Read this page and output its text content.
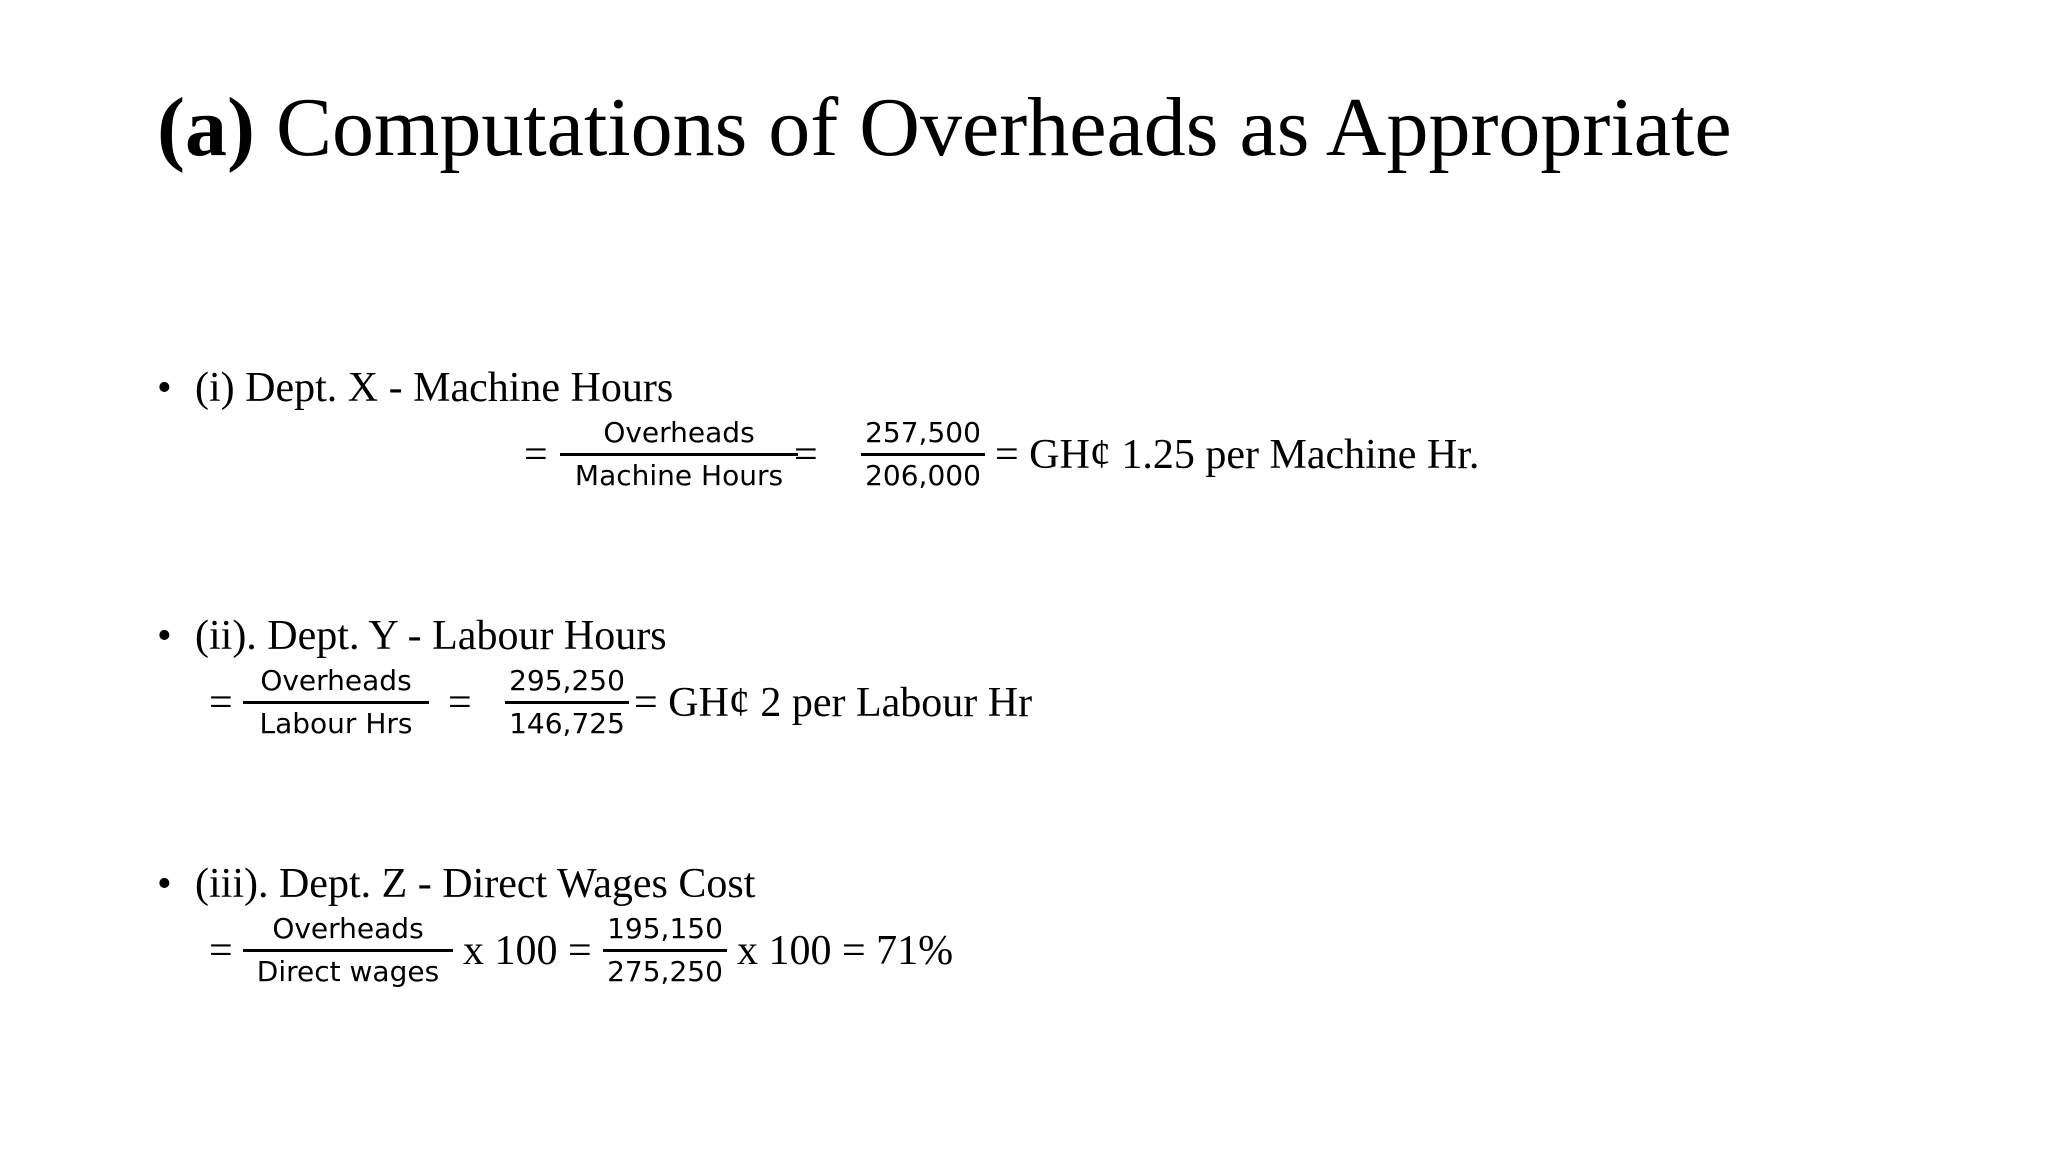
(a) Computations of Overheads as Appropriate
• (i) Dept. X - Machine Hours
= Overheads
Machine Hours = 257,500
206,000 = GH¢ 1.25 per Machine Hr.
• (ii). Dept. Y - Labour Hours
= Overheads
Labour Hrs = 295,250
146,725 = GH¢ 2 per Labour Hr
• (iii). Dept. Z - Direct Wages Cost
= Overheads
Direct wages x 100 = 195,150
275,250 x 100 = 71%
